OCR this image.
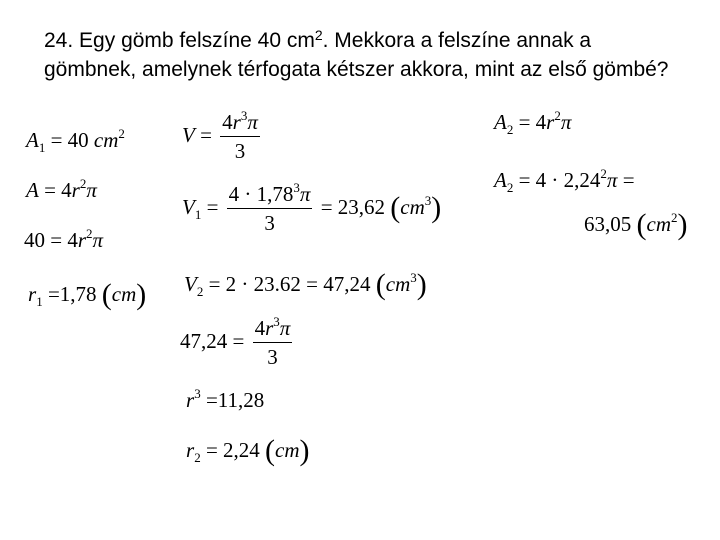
24. Egy gömb felszíne 40 $cm^2$. Mekkora a felszíne annak a gömbnek, amelynek térfogata kétszer akkora, mint az első gömbé?
$A_1 = 40$ $cm^2$
$A = 4r^2\pi$
$40 = 4r^2\pi$
$r_1 =1,78$ (cm)
$V = \frac{4r^3\pi}{3}$
$V_1 = \frac{4 \cdot 1,78^3\pi}{3} = 23,62$ $(cm^3)$
$V_2 = 2 \cdot 23.62 = 47,24$ $(cm^3)$
$47,24 = \frac{4r^3\pi}{3}$
$r^3 =11,28$
$r_2 = 2,24$ (cm)
$A_2 = 4r^2\pi$
$A_2 = 4 \cdot 2,24^2\pi$ =
63,05 $(cm^2)$
